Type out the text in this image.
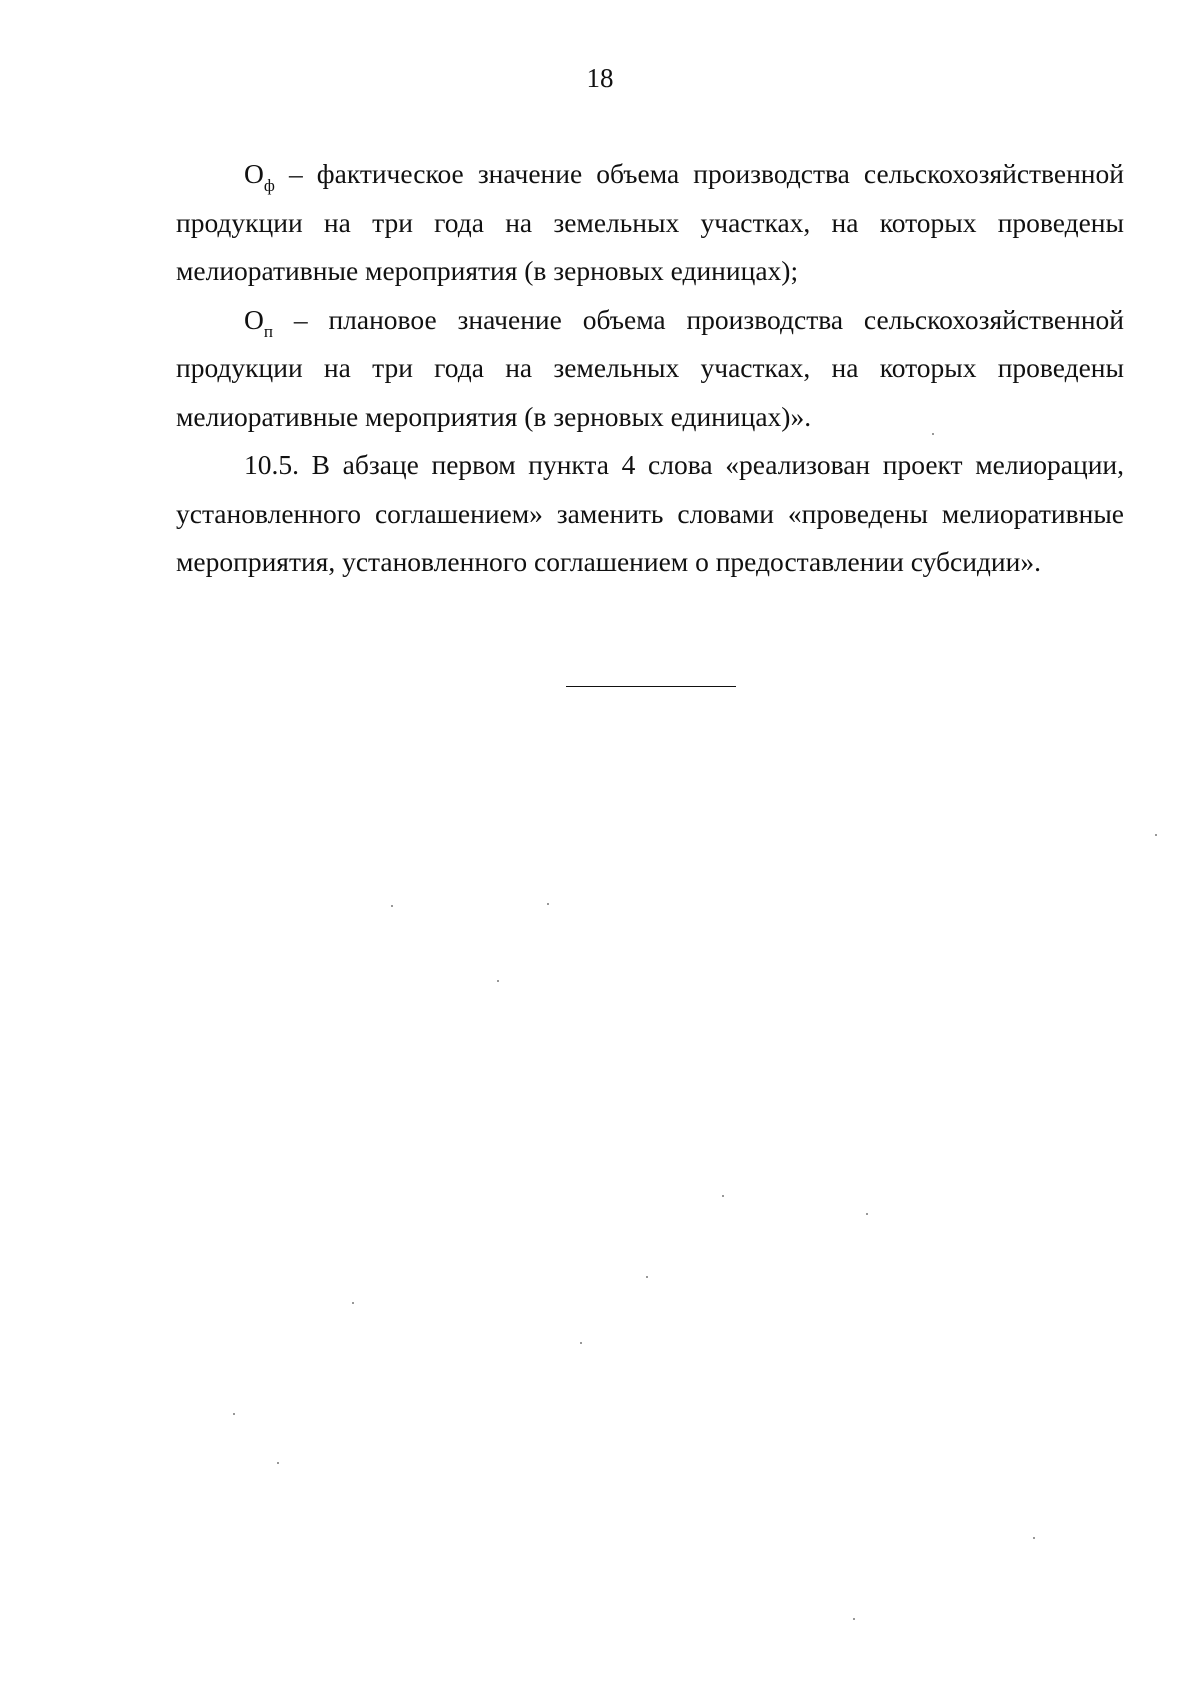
18

$О_ф$ – фактическое значение объема производства сельскохозяйственной продукции на три года на земельных участках, на которых проведены мелиоративные мероприятия (в зерновых единицах);

$О_п$ – плановое значение объема производства сельскохозяйственной продукции на три года на земельных участках, на которых проведены мелиоративные мероприятия (в зерновых единицах)».

10.5. В абзаце первом пункта 4 слова «реализован проект мелиорации, установленного соглашением» заменить словами «проведены мелиоративные мероприятия, установленного соглашением о предоставлении субсидии».
